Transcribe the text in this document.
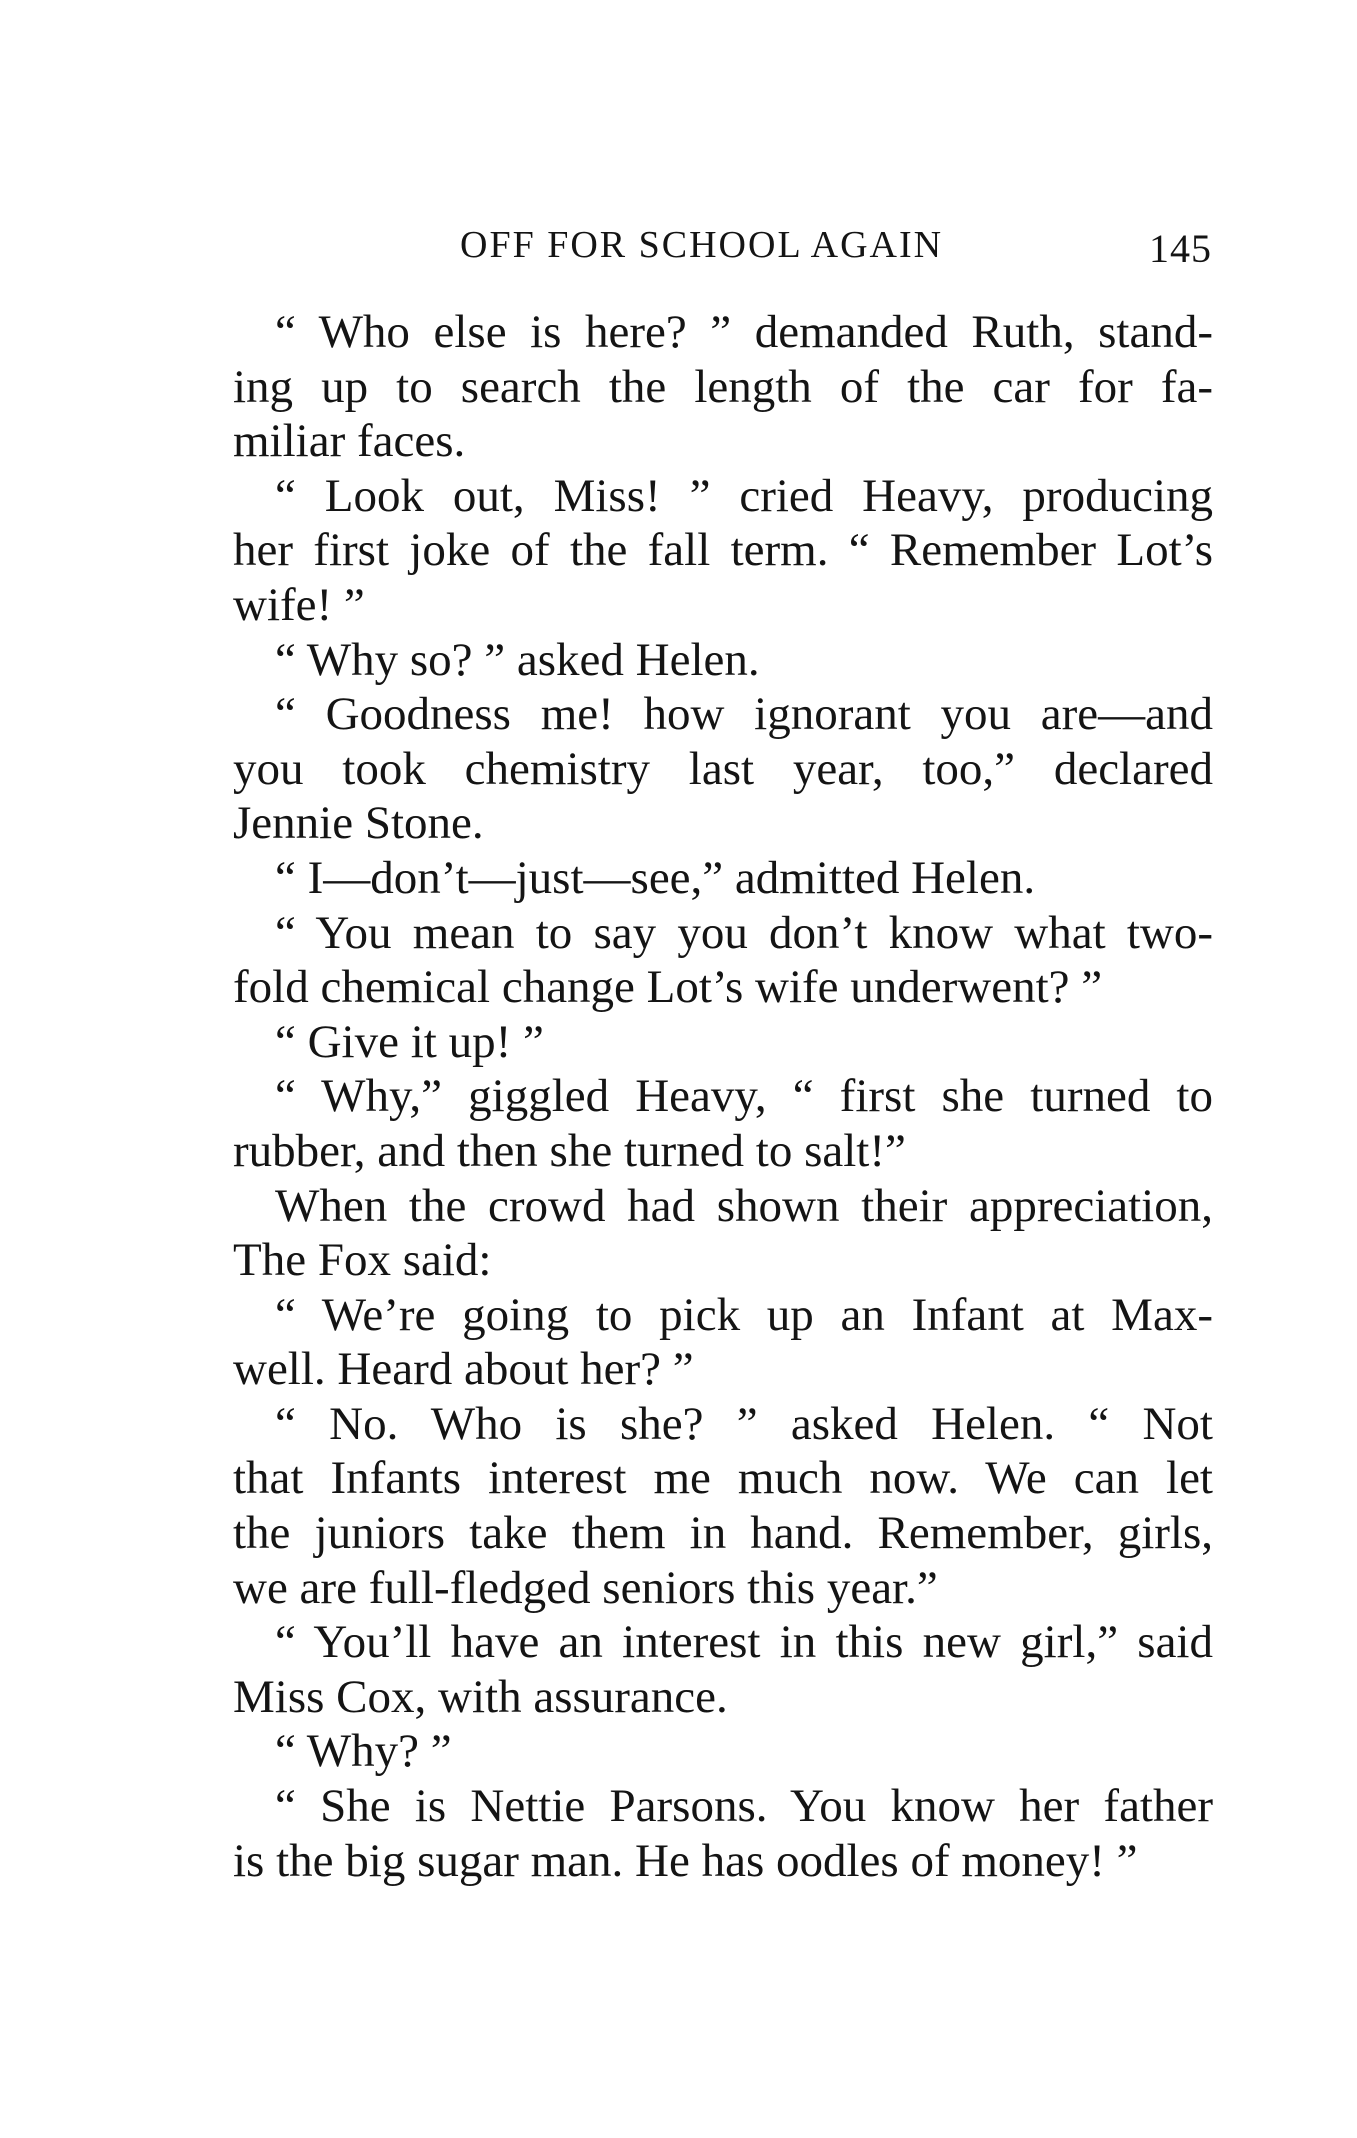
OFF FOR SCHOOL AGAIN	145
“ Who else is here? ” demanded Ruth, stand-
ing up to search the length of the car for fa-
miliar faces.
“ Look out, Miss! ” cried Heavy, producing
her first joke of the fall term. “ Remember Lot’s
wife! ”
“ Why so? ” asked Helen.
“ Goodness me! how ignorant you are—and
you took chemistry last year, too,” declared
Jennie Stone.
“ I—don’t—just—see,” admitted Helen.
“ You mean to say you don’t know what two-
fold chemical change Lot’s wife underwent? ”
“ Give it up! ”
“ Why,” giggled Heavy, “ first she turned to
rubber, and then she turned to salt!”
When the crowd had shown their appreciation,
The Fox said:
“ We’re going to pick up an Infant at Max-
well. Heard about her? ”
“ No. Who is she? ” asked Helen. “ Not
that Infants interest me much now. We can let
the juniors take them in hand. Remember, girls,
we are full-fledged seniors this year.”
“ You’ll have an interest in this new girl,” said
Miss Cox, with assurance.
“ Why? ”
“ She is Nettie Parsons. You know her father
is the big sugar man. He has oodles of money! ”
